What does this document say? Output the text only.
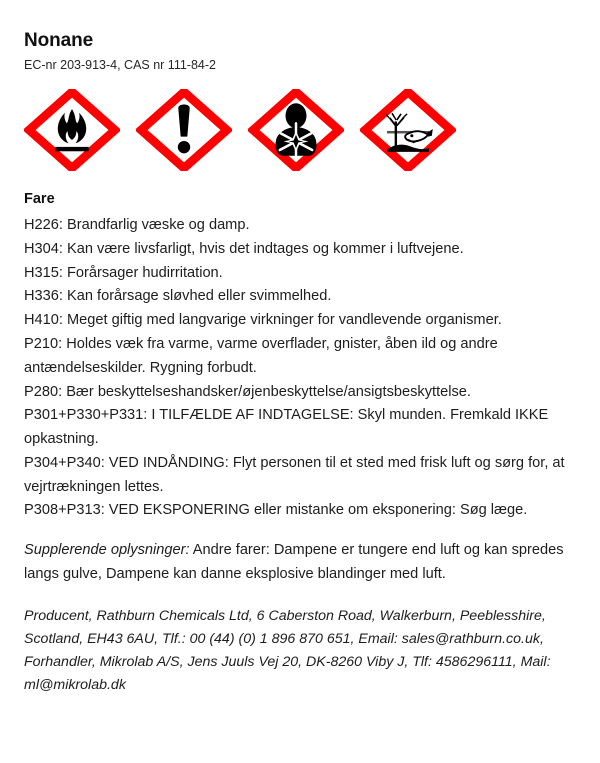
Nonane
EC-nr 203-913-4, CAS nr 111-84-2
Fare
H226: Brandfarlig væske og damp.
H304: Kan være livsfarligt, hvis det indtages og kommer i luftvejene.
H315: Forårsager hudirritation.
H336: Kan forårsage sløvhed eller svimmelhed.
H410: Meget giftig med langvarige virkninger for vandlevende organismer.
P210: Holdes væk fra varme, varme overflader, gnister, åben ild og andre antændelseskilder. Rygning forbudt.
P280: Bær beskyttelseshandsker/øjenbeskyttelse/ansigtsbeskyttelse.
P301+P330+P331: I TILFÆLDE AF INDTAGELSE: Skyl munden. Fremkald IKKE opkastning.
P304+P340: VED INDÅNDING: Flyt personen til et sted med frisk luft og sørg for, at vejrtrækningen lettes.
P308+P313: VED EKSPONERING eller mistanke om eksponering: Søg læge.

Supplerende oplysninger: Andre farer: Dampene er tungere end luft og kan spredes langs gulve, Dampene kan danne eksplosive blandinger med luft.

Producent, Rathburn Chemicals Ltd, 6 Caberston Road, Walkerburn, Peeblesshire, Scotland, EH43 6AU, Tlf.: 00 (44) (0) 1 896 870 651, Email: sales@rathburn.co.uk, Forhandler, Mikrolab A/S, Jens Juuls Vej 20, DK-8260 Viby J, Tlf: 4586296111, Mail: ml@mikrolab.dk
